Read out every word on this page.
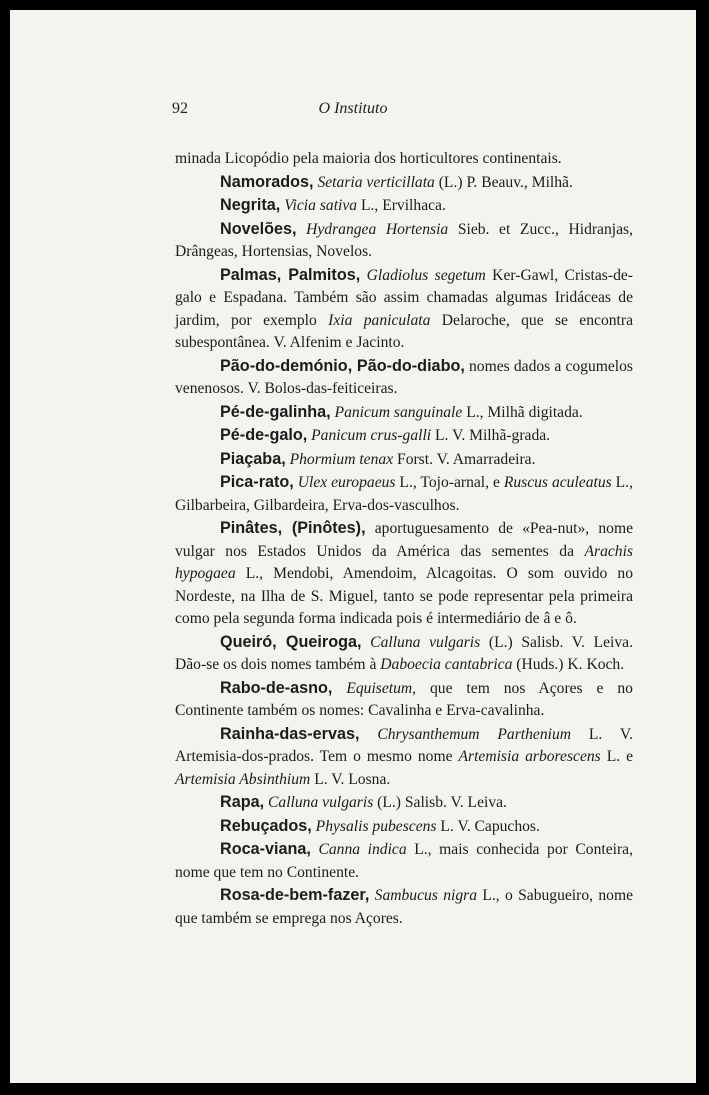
92	O Instituto

minada Licopódio pela maioria dos horticultores continentais.

Namorados, Setaria verticillata (L.) P. Beauv., Milhã.

Negrita, Vicia sativa L., Ervilhaca.

Novelões, Hydrangea Hortensia Sieb. et Zucc., Hidranjas, Drângeas, Hortensias, Novelos.

Palmas, Palmitos, Gladiolus segetum Ker-Gawl, Cristas-de-galo e Espadana. Também são assim chamadas algumas Iridáceas de jardim, por exemplo Ixia paniculata Delaroche, que se encontra subespontânea. V. Alfenim e Jacinto.

Pão-do-demónio, Pão-do-diabo, nomes dados a cogumelos venenosos. V. Bolos-das-feiticeiras.

Pé-de-galinha, Panicum sanguinale L., Milhã digitada.

Pé-de-galo, Panicum crus-galli L. V. Milhã-grada.

Piaçaba, Phormium tenax Forst. V. Amarradeira.

Pica-rato, Ulex europaeus L., Tojo-arnal, e Ruscus aculeatus L., Gilbarbeira, Gilbardeira, Erva-dos-vasculhos.

Pinâtes, (Pinôtes), aportuguesamento de «Pea-nut», nome vulgar nos Estados Unidos da América das sementes da Arachis hypogaea L., Mendobi, Amendoim, Alcagoitas. O som ouvido no Nordeste, na Ilha de S. Miguel, tanto se pode representar pela primeira como pela segunda forma indicada pois é intermediário de â e ô.

Queiró, Queiroga, Calluna vulgaris (L.) Salisb. V. Leiva. Dão-se os dois nomes também à Daboecia cantabrica (Huds.) K. Koch.

Rabo-de-asno, Equisetum, que tem nos Açores e no Continente também os nomes: Cavalinha e Erva-cavalinha.

Rainha-das-ervas, Chrysanthemum Parthenium L. V. Artemisia-dos-prados. Tem o mesmo nome Artemisia arborescens L. e Artemisia Absinthium L. V. Losna.

Rapa, Calluna vulgaris (L.) Salisb. V. Leiva.

Rebuçados, Physalis pubescens L. V. Capuchos.

Roca-viana, Canna indica L., mais conhecida por Conteira, nome que tem no Continente.

Rosa-de-bem-fazer, Sambucus nigra L., o Sabugueiro, nome que também se emprega nos Açores.
